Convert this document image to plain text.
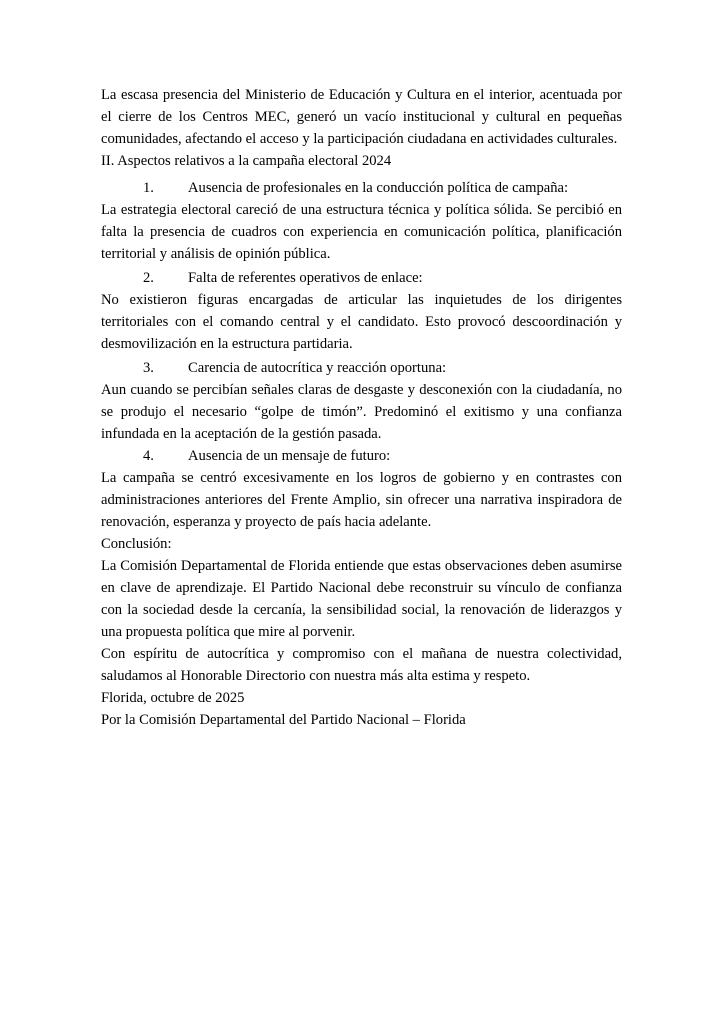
La escasa presencia del Ministerio de Educación y Cultura en el interior, acentuada por el cierre de los Centros MEC, generó un vacío institucional y cultural en pequeñas comunidades, afectando el acceso y la participación ciudadana en actividades culturales.

II. Aspectos relativos a la campaña electoral 2024

1. Ausencia de profesionales en la conducción política de campaña:

La estrategia electoral careció de una estructura técnica y política sólida. Se percibió en falta la presencia de cuadros con experiencia en comunicación política, planificación territorial y análisis de opinión pública.

2. Falta de referentes operativos de enlace:

No existieron figuras encargadas de articular las inquietudes de los dirigentes territoriales con el comando central y el candidato. Esto provocó descoordinación y desmovilización en la estructura partidaria.

3. Carencia de autocrítica y reacción oportuna:

Aun cuando se percibían señales claras de desgaste y desconexión con la ciudadanía, no se produjo el necesario “golpe de timón”. Predominó el exitismo y una confianza infundada en la aceptación de la gestión pasada.

4. Ausencia de un mensaje de futuro:

La campaña se centró excesivamente en los logros de gobierno y en contrastes con administraciones anteriores del Frente Amplio, sin ofrecer una narrativa inspiradora de renovación, esperanza y proyecto de país hacia adelante.

Conclusión:

La Comisión Departamental de Florida entiende que estas observaciones deben asumirse en clave de aprendizaje. El Partido Nacional debe reconstruir su vínculo de confianza con la sociedad desde la cercanía, la sensibilidad social, la renovación de liderazgos y una propuesta política que mire al porvenir.

Con espíritu de autocrítica y compromiso con el mañana de nuestra colectividad, saludamos al Honorable Directorio con nuestra más alta estima y respeto.

Florida, octubre de 2025

Por la Comisión Departamental del Partido Nacional – Florida
